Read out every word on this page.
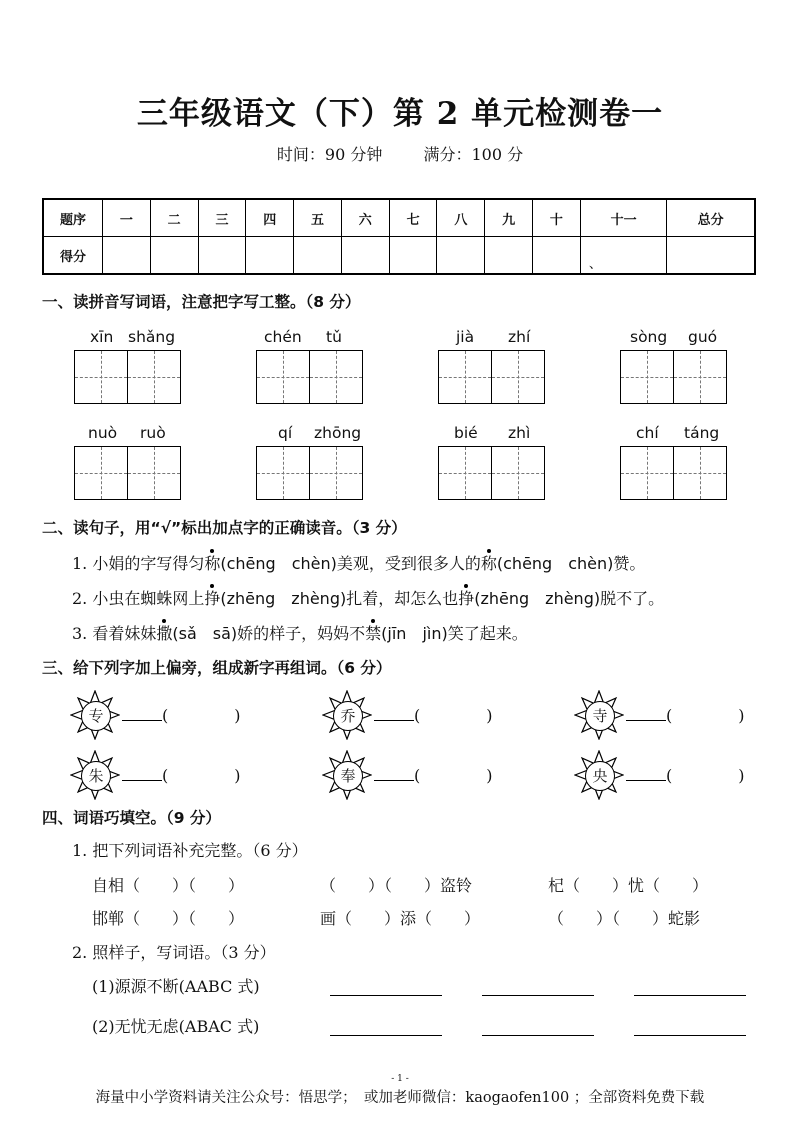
三年级语文（下）第 2 单元检测卷一
时间：90 分钟	满分：100 分
题序	一	二	三	四	五	六	七	八	九	十	十一	总分
得分											、	
一、读拼音写词语，注意把字写工整。（8 分）
xīn shǎng	chén tǔ	jià zhí	sòng guó
nuò ruò	qí zhōng	bié zhì	chí táng
二、读句子，用“√”标出加点字的正确读音。（3 分）
1. 小娟的字写得匀称(chēng　chèn)美观，受到很多人的称(chēng　chèn)赞。
2. 小虫在蜘蛛网上挣(zhēng　zhèng)扎着，却怎么也挣(zhēng　zhèng)脱不了。
3. 看着妹妹撒(sǎ　sā)娇的样子，妈妈不禁(jīn　jìn)笑了起来。
三、给下列字加上偏旁，组成新字再组词。（6 分）
专	(	)	乔	(	)	寺	(	)
朱	(	)	奉	(	)	央	(	)
四、词语巧填空。（9 分）
1. 把下列词语补充完整。（6 分）
自相（　　）（　　）	（　　）（　　）盗铃	杞（　　）忧（　　）
邯郸（　　）（　　）	画（　　）添（　　）	（　　）（　　）蛇影
2. 照样子，写词语。（3 分）
(1)源源不断(AABC 式)
(2)无忧无虑(ABAC 式)
- 1 -
海量中小学资料请关注公众号：悟思学；　或加老师微信：kaogaofen100 ；全部资料免费下载
